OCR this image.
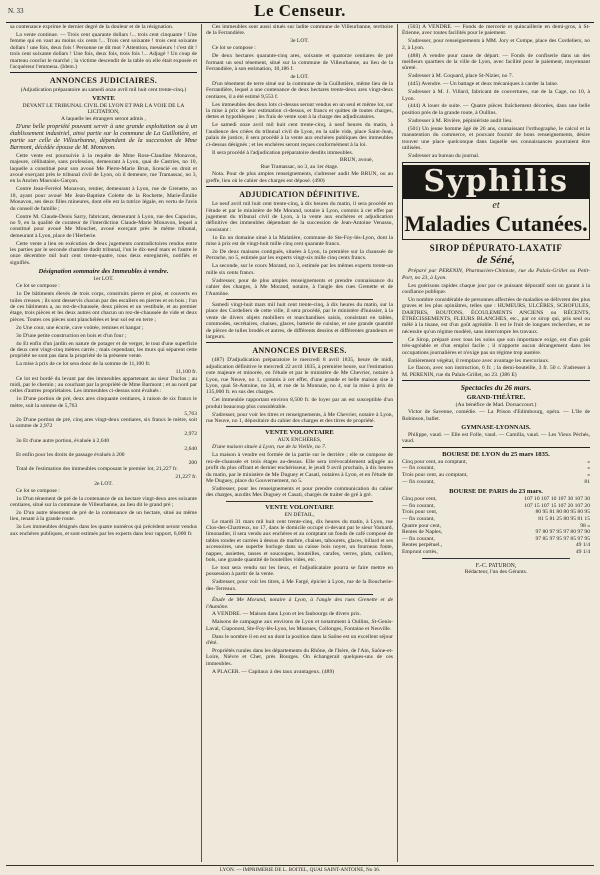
N. 33	Le Censeur.

sa contenance exprime le dernier degré de la douleur et de la résignation.

La vente continue. — Trois cent quarante dollars !... trois cent cinquante ! Une femme qui en vaut au moins six cents !... Trois cent soixante ! trois cent soixante dollars ! une fois, deux fois ! Personne ne dit mot ? Attention, messieurs ! c'est dit ! trois cent soixante dollars ! Une fois, deux fois, trois fois !... Adjugé ! Un coup de marteau conclut le marché ; la victime descendit de la table où elle était exposée et l'acquéreur l'emmena. (Idem.)

ANNONCES JUDICIAIRES.
(Adjudication préparatoire au samedi onze avril mil huit cent trente-cinq.)
VENTE
DEVANT LE TRIBUNAL CIVIL DE LYON ET PAR LA VOIE DE LA LICITATION,
A laquelle les étrangers seront admis ,

D'une belle propriété pouvant servir à une grande exploitation ou à un établissement industriel, ainsi partie sur la commune de La Guillotière, et partie sur celle de Villeurbanne, dépendant de la succession de Mme Barmont, décédée épouse de M. Monavon.

Cette vente est poursuivie à la requête de Mme Rose-Claudine Monavon, majeure, célibataire, sans profession, demeurant à Lyon, quai de Castries, no 10, laquelle a constitué pour son avoué Me Pierre-Marie Brun, licencié en droit et avoué exerçant près le tribunal civil de Lyon, où il demeure, rue Tramassac, no 3, en la Ancien Mauvais-Garçon.

Contre Jean-Ferréol Monavon, rentier, demeurant à Lyon, rue de Grenette, no 18, ayant pour avoué Me Jean-Baptiste Colette de la Rochette, Marie-Émilie Monavon, ses deux filles mineures, dont elle est la tutrice légale, en vertu de l'avis du conseil de famille ;

Contre M. Claude-Denis Sarry, fabricant, demeurant à Lyon, rue des Capucins, no 9, en la qualité de curateur de l'interdiction Claude-Marie Monavon, lequel a constitué pour avoué Me Mouchet, avoué exerçant près le même tribunal, demeurant à Lyon, place de l'Herberie.

Cette vente a lieu en exécution de deux jugements contradictoires rendus entre les parties par le seconde chambre dudit tribunal, l'un le dix-neuf mars et l'autre le onze décembre mil huit cent trente-quatre, tous deux enregistrés, notifiés et signifiés.

Désignation sommaire des Immeubles à vendre.
1er LOT.

Ce lot se compose :

1o De bâtiments élevés de trois corps, construits pierre et pisé, et couverts en tuiles creuses ; ils sont desservis chacun par des escaliers en pierres et en bois ; l'un de ces bâtiments a, au rez-de-chaussée, deux pièces et un vestibule, et au premier étage, trois pièces et les deux autres ont chacun un rez-de-chaussée de vide et deux pièces. Toutes ces pièces sont planchéiées et leur sol est en terre ;

2o Une cour, une écurie, cave voûtée, remises et hangar ;

3o D'une petite construction en bois et d'un four ;

4o Et enfin d'un jardin en nature de potager et de verger, le tout d'une superficie de deux cent vingt-cinq mètres carrés ; mais cependant, les murs qui séparent cette propriété ne sont pas dans la propriété de la présente vente.

La mise à prix de ce lot sera donc de la somme de 11,100 fr.

11,100 fr.

Ce lot est bordé du levant par des immeubles appartenant au sieur Duclos ; au midi, par le chemin ; au couchant par la propriété de Mme Barmont ; et au nord par celles d'autres propriétaires. Les immeubles ci-dessus sont évalués :

1o D'une portion de pré, deux ares cinquante centiares, à raison de six francs le mètre, soit la somme de 5,763

5,763

2o D'une portion de pré, cinq ares vingt-deux centiares, six francs le mètre, soit la somme de 2,972

2,972

3o Et d'une autre portion, évaluée à 2,640

2,640

Et enfin pour les droits de passage évalués à 200

200

Total de l'estimation des immeubles composant le premier lot, 21,227 fr.

21,227 fr.
2e LOT.

Ce lot se compose :

1o D'un ténement de pré de la contenance de un hectare vingt-deux ares soixante centiares, situé sur la commune de Villeurbanne, au lieu dit le grand pré ;

2o D'un autre ténement de pré de la contenance de un hectare, situé au même lieu, tenant à la grande route.

3o Les immeubles désignés dans les quatre numéros qui précèdent seront vendus aux enchères publiques, et sont estimés par les experts dans leur rapport, 6,000 fr.

Ces immeubles sont aussi situés sur ladite commune de Villeurbanne, territoire de la Ferrandière.

3e LOT.

Ce lot se compose :

De deux hectares quarante-cinq ares, soixante et quatorze centiares de pré formant un seul ténement, situé sur la commune de Villeurbanne, au lieu de la Ferrandière, à son estimation, 10,186 f.

4e LOT.

D'un ténement de terre situé sur la commune de la Guillotière, même lieu de la Ferrandière, lequel a une contenance de deux hectares trente-deux ares vingt-deux centiares, il a été estimé 9,553 f.

Les immeubles des deux lots ci-dessus seront vendus en un seul et même lot, sur la mise à prix de leur estimation ci-dessus, et francs et quittes de toutes charges, dettes et hypothèques ; les frais de vente sont à la charge des adjudicataires.

Le samedi onze avril mil huit cent trente-cinq, à neuf heures du matin, à l'audience des criées du tribunal civil de Lyon, en la salle vide, place Saint-Jean, palais de justice, il sera procédé à la vente aux enchères publiques des immeubles ci-dessus désignés ; et les enchères seront reçues conformément à la loi.

Il sera procédé à l'adjudication préparatoire desdits immeubles.

BRUN, avoué,
Rue Tramassac, no 3, au 1er étage.

Nota. Pour de plus amples renseignements, s'adresser audit Me BRUN, ou au greffe, lieu où le cahier des charges est déposé. (490)

ADJUDICATION DÉFINITIVE.

Le neuf avril mil huit cent trente-cinq, à dix heures du matin, il sera procédé en l'étude et par le ministère de Me Morand, notaire à Lyon, commis à cet effet par jugement du tribunal civil de Lyon, à la vente aux enchères et adjudication définitive des immeubles dépendant de la succession de Jean-Antoine Venassu, consistant :

1o En un domaine situé à la Malatière, commune de Ste-Foy-lès-Lyon, dont la mise à prix est de vingt-huit mille cinq cent quarante francs.

2o De deux maisons contiguës, situées à Lyon, la première sur la chaussée de Perrache, no 5, estimée par les experts vingt-six mille cinq cents francs.

La seconde, sur le cours Morand, no 3, estimée par les mêmes experts trente-un mille six cents francs.

S'adresser, pour de plus amples renseignements et prendre connaissance du cahier des charges, à Me Morand, notaire, à l'angle des rues Grenette et de l'Aumône.

Samedi vingt-huit mars mil huit cent trente-cinq, à dix heures du matin, sur la place des Cordeliers de cette ville, il sera procédé, par le ministère d'huissier, à la vente de divers objets mobiliers et marchandises saisis, consistant en tables, commodes, secrétaires, chaises, glaces, batterie de cuisine, et une grande quantité de pièces de tulles brodés et autres, de différents dessins et différentes grandeurs et largeurs.

ANNONCES DIVERSES.

(487) D'adjudication préparatoire le mercredi 8 avril 1835, heure de midi, adjudication définitive le mercredi 22 avril 1835, à première heure, sur l'estimation cote majeure et minorée, en l'étude et par le ministère de Me Chevrier, notaire à Lyon, rue Neuve, no 1, commis à cet effet, d'une grande et belle maison sise à Lyon, quai St-Antoine, no 34, et rue de la Monnaie, no 4, sur la mise à prix de 135,000 fr. en sus des charges.

Cet immeuble rapportant environ 8,500 fr. de loyer par an est susceptible d'un produit beaucoup plus considérable.

S'adresser, pour voir les titres et renseignements, à Me Chevrier, notaire à Lyon, rue Neuve, no 1, dépositaire du cahier des charges et des titres de propriété.

VENTE VOLONTAIRE
AUX ENCHÈRES,

D'une maison située à Lyon, rue de la Vieille, no 7.

La maison à vendre est formée de la partie sur le derrière ; elle se compose de rez-de-chaussée et trois étages au-dessus. Elle sera irrévocablement adjugée au profit du plus offrant et dernier enchérisseur, le jeudi 9 avril prochain, à dix heures du matin, par le ministère de Me Duguey et Casati, notaires à Lyon, et en l'étude de Me Duguey, place du Gouvernement, no 5.

S'adresser, pour les renseignements et pour prendre communication du cahier des charges, auxdits Mes Duguey et Casati, chargés de traiter de gré à gré.

VENTE VOLONTAIRE
EN DÉTAIL,

Le mardi 31 mars mil huit cent trente-cinq, dix heures du matin, à Lyon, rue Clos-des-Chartreux, no 17, dans le domicile occupé ci-devant par le sieur Varnard, limonadier, il sera vendu aux enchères et au comptant un fonds de café composé de tables rondes et carrées à dessus de marbre, chaises, tabourets, glaces, billard et ses accessoires, une superbe horloge dans sa caisse bois noyer, un fourneau fonte, nappes, assiettes, tasses et soucoupes, bouteilles, carafes, verres, plats, cuillers, bols, une grande quantité de bouteilles vides, etc.

Le tout sera vendu sur les lieux, et l'adjudicataire pourra se faire mettre en possession à partir de la vente.

S'adresser, pour voir les titres, à Me Fargé, épicier à Lyon, rue de la Boucherie-des-Terreaux.

Étude de Me Morand, notaire à Lyon, à l'angle des rues Grenette et de l'Aumône.

A VENDRE. — Maison dans Lyon et les faubourgs de divers prix.

Maisons de campagne aux environs de Lyon et notamment à Oullins, St-Genis-Laval, Ciaponost, Ste-Foy-lès-Lyon, les Massues, Collonges, Fontaine et Neuville.

Dans le nombre il en est un dont la position dans la Saône est un excellent séjour d'été.

Propriétés rurales dans les départements du Rhône, de l'Isère, de l'Ain, Saône-et-Loire, Nièvre et Cher, près Bourges. On échangerait quelques-uns de ces immeubles.

A PLACER. — Capitaux à des taux avantageux. (489)

(503) A VENDRE. — Fonds de mercerie et quincaillerie en demi-gros, à St-Étienne, avec toutes facilités pour le paiement.

S'adresser, pour renseignements à MM. Jory et Compe, place des Cordeliers, no 2, à Lyon.

(488) A vendre pour cause de départ. — Fonds de confiserie dans un des meilleurs quartiers de la ville de Lyon, avec facilité pour le paiement, moyennant sûreté.

S'adresser à M. Coquard, place St-Nizier, no 7.

(445) Avendre. — Un battage et deux mécaniques à carder la laine.

S'adresser à M. J. Villard, fabricant de couvertures, rue de la Cage, no 10, à Lyon.

(444) A louer de suite. — Quatre pièces fraîchement décorées, dans une belle position près de la grande route, à Oullins.

S'adresser à M. Rivière, pépiniériste audit lieu.

(501) Un jeune homme âgé de 26 ans, connaissant l'orthographe, le calcul et la manutention du commerce, et pouvant fournir de bons renseignements, désire trouver une place quelconque dans laquelle ses connaissances pourraient être utilisées.

S'adresser au bureau du journal.

Syphilis
et
Maladies Cutanées.
SIROP DÉPURATO-LAXATIF
de Séné,

Préparé par PERENIN, Pharmacien-Chimiste, rue du Palais-Grillet ou Petit-Port, no 23, à Lyon.

Les guérisons rapides chaque jour par ce puissant dépuratif sont un garant à la confiance publique.

Un nombre considérable de personnes affectées de maladies se délivrent des plus graves et les plus opiniâtres, telles que : HUMEURS, ULCÈRES, SCROFULES, DARTRES, BOUTONS, ÉCOULEMENTS ANCIENS ou RÉCENTS, ÉTRÉCISSEMENTS, FLEURS BLANCHES, etc., par ce sirop qui, pris seul ou mêlé à la tisane, est d'un goût agréable. Il est le fruit de longues recherches, et ne nécessite qu'un régime modéré, sans interrompre les travaux.

Ce Sirop, préparé avec tous les soins que son importance exige, est d'un goût très-agréable et d'un emploi facile ; il n'apporte aucun dérangement dans les occupations journalières et n'exige pas un régime trop austère.

Entièrement végétal, il remplace avec avantage les mercuriaux.

Le flacon, avec son instruction, 6 fr. ; la demi-bouteille, 3 fr. 50 c. S'adresser à M. PERENIN, rue du Palais-Grillet, no 23. (386 E)

Spectacles du 26 mars.
GRAND-THÉÂTRE.
(Au bénéfice de Mad. Dorsaccourt.)

Victor de Savenne, comédie. — La Prison d'Edimbourg, opéra. — L'Ile de Robinson, ballet.

GYMNASE-LYONNAIS.

Philippe, vaud. — Elle est Folle, vaud. — Camilla, vaud. — Les Vieux Péchés, vaud.

BOURSE DE LYON du 25 mars 1835.
Cinq pour cent, au comptant,	»
— fin courant,	»
Trois pour cent, au comptant,	»
— fin courant,	81
BOURSE DE PARIS du 23 mars.
Cinq pour cent,	107 10 107 10 107 30 107 30
— fin courant,	107 15 107 15 107 20 107 20
Trois pour cent,	80 95 81 80 80 95 80 95
— fin courant,	81 5 81 25 80 95 81 15
Quatre pour cent,	98 »
Rentes de Naples,	97 80 97 95 97 80 97 90
— fin courant,	97 85 97 95 97 85 97 95
Rentes perpétuel.,	49 1/4
Emprunt cortès,	49 1/4
F.-C. PATURON,
Rédacteur, l'un des Gérants.
LYON. — IMPRIMERIE DE L. BOITEL, QUAI SAINT-ANTOINE, No 36.
